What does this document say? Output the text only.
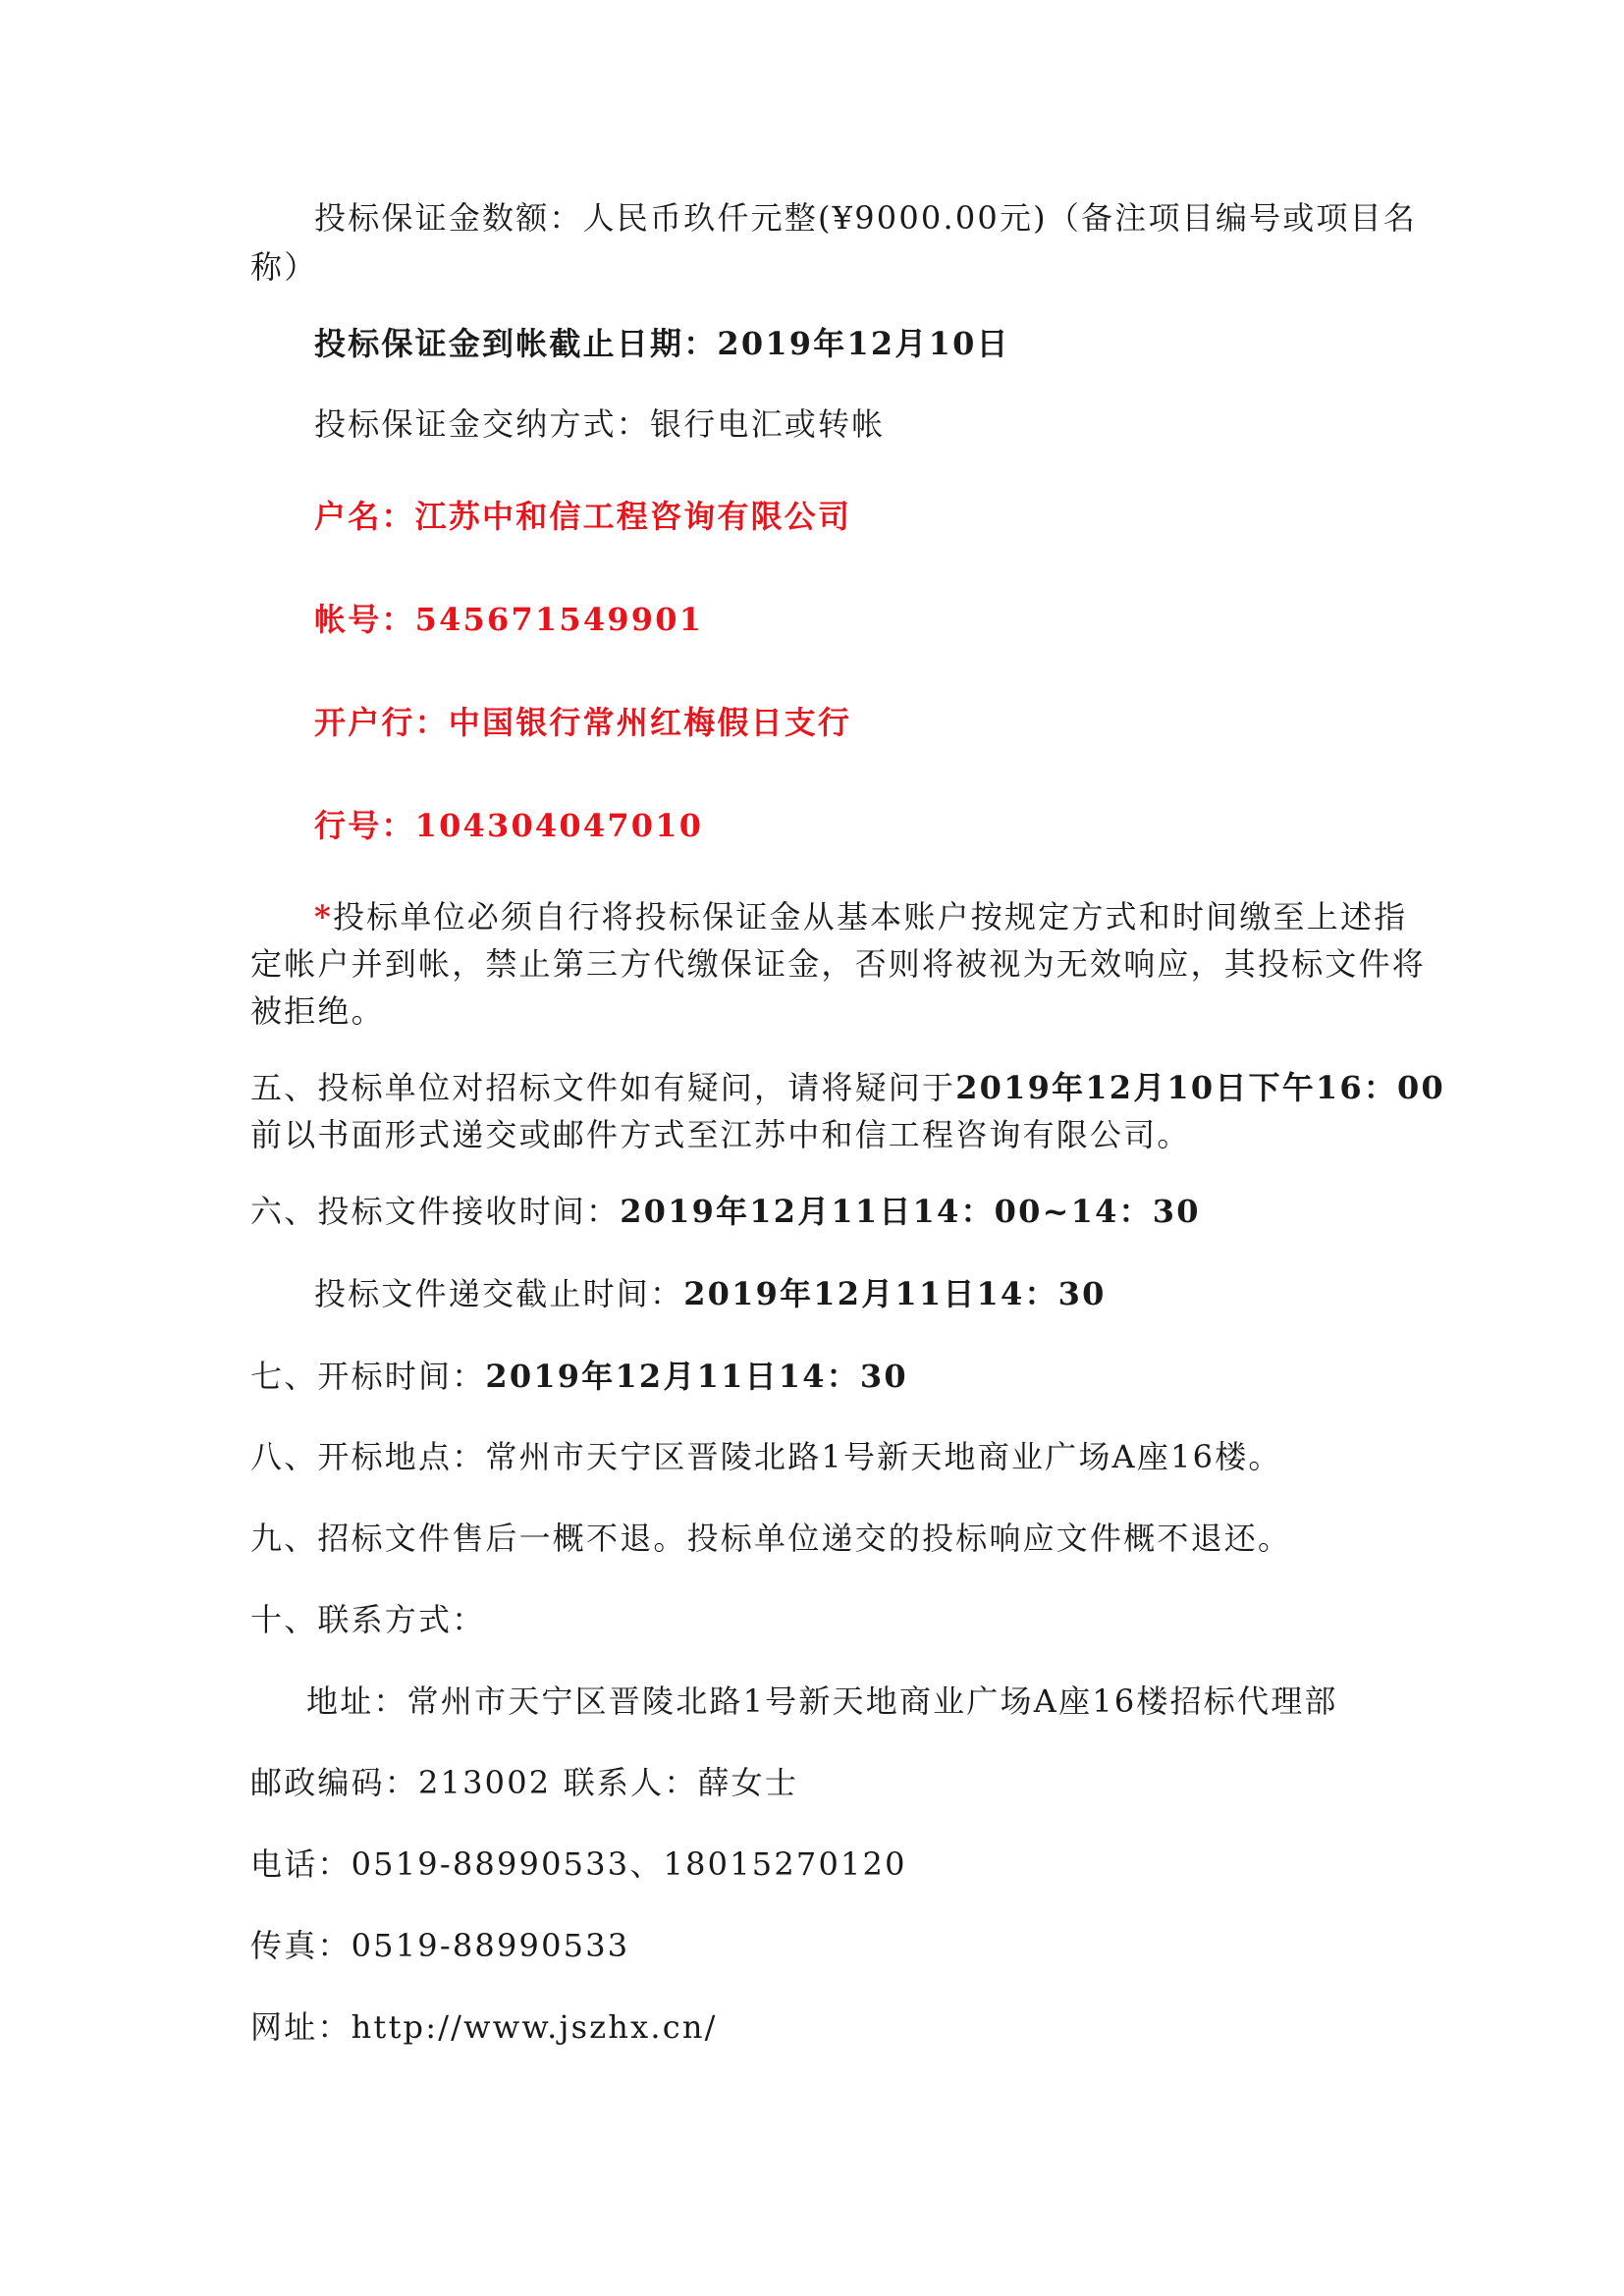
投标保证金数额：人民币玖仟元整(¥9000.00元)（备注项目编号或项目名
称）
投标保证金到帐截止日期：2019年12月10日
投标保证金交纳方式：银行电汇或转帐
户名：江苏中和信工程咨询有限公司
帐号：545671549901
开户行：中国银行常州红梅假日支行
行号：104304047010
*投标单位必须自行将投标保证金从基本账户按规定方式和时间缴至上述指
定帐户并到帐，禁止第三方代缴保证金，否则将被视为无效响应，其投标文件将
被拒绝。
五、投标单位对招标文件如有疑问，请将疑问于2019年12月10日下午16：00
前以书面形式递交或邮件方式至江苏中和信工程咨询有限公司。
六、投标文件接收时间：2019年12月11日14：00~14：30
投标文件递交截止时间：2019年12月11日14：30
七、开标时间：2019年12月11日14：30
八、开标地点：常州市天宁区晋陵北路1号新天地商业广场A座16楼。
九、招标文件售后一概不退。投标单位递交的投标响应文件概不退还。
十、联系方式：
地址：常州市天宁区晋陵北路1号新天地商业广场A座16楼招标代理部
邮政编码：213002 联系人：薛女士
电话：0519-88990533、18015270120
传真：0519-88990533
网址：http://www.jszhx.cn/
